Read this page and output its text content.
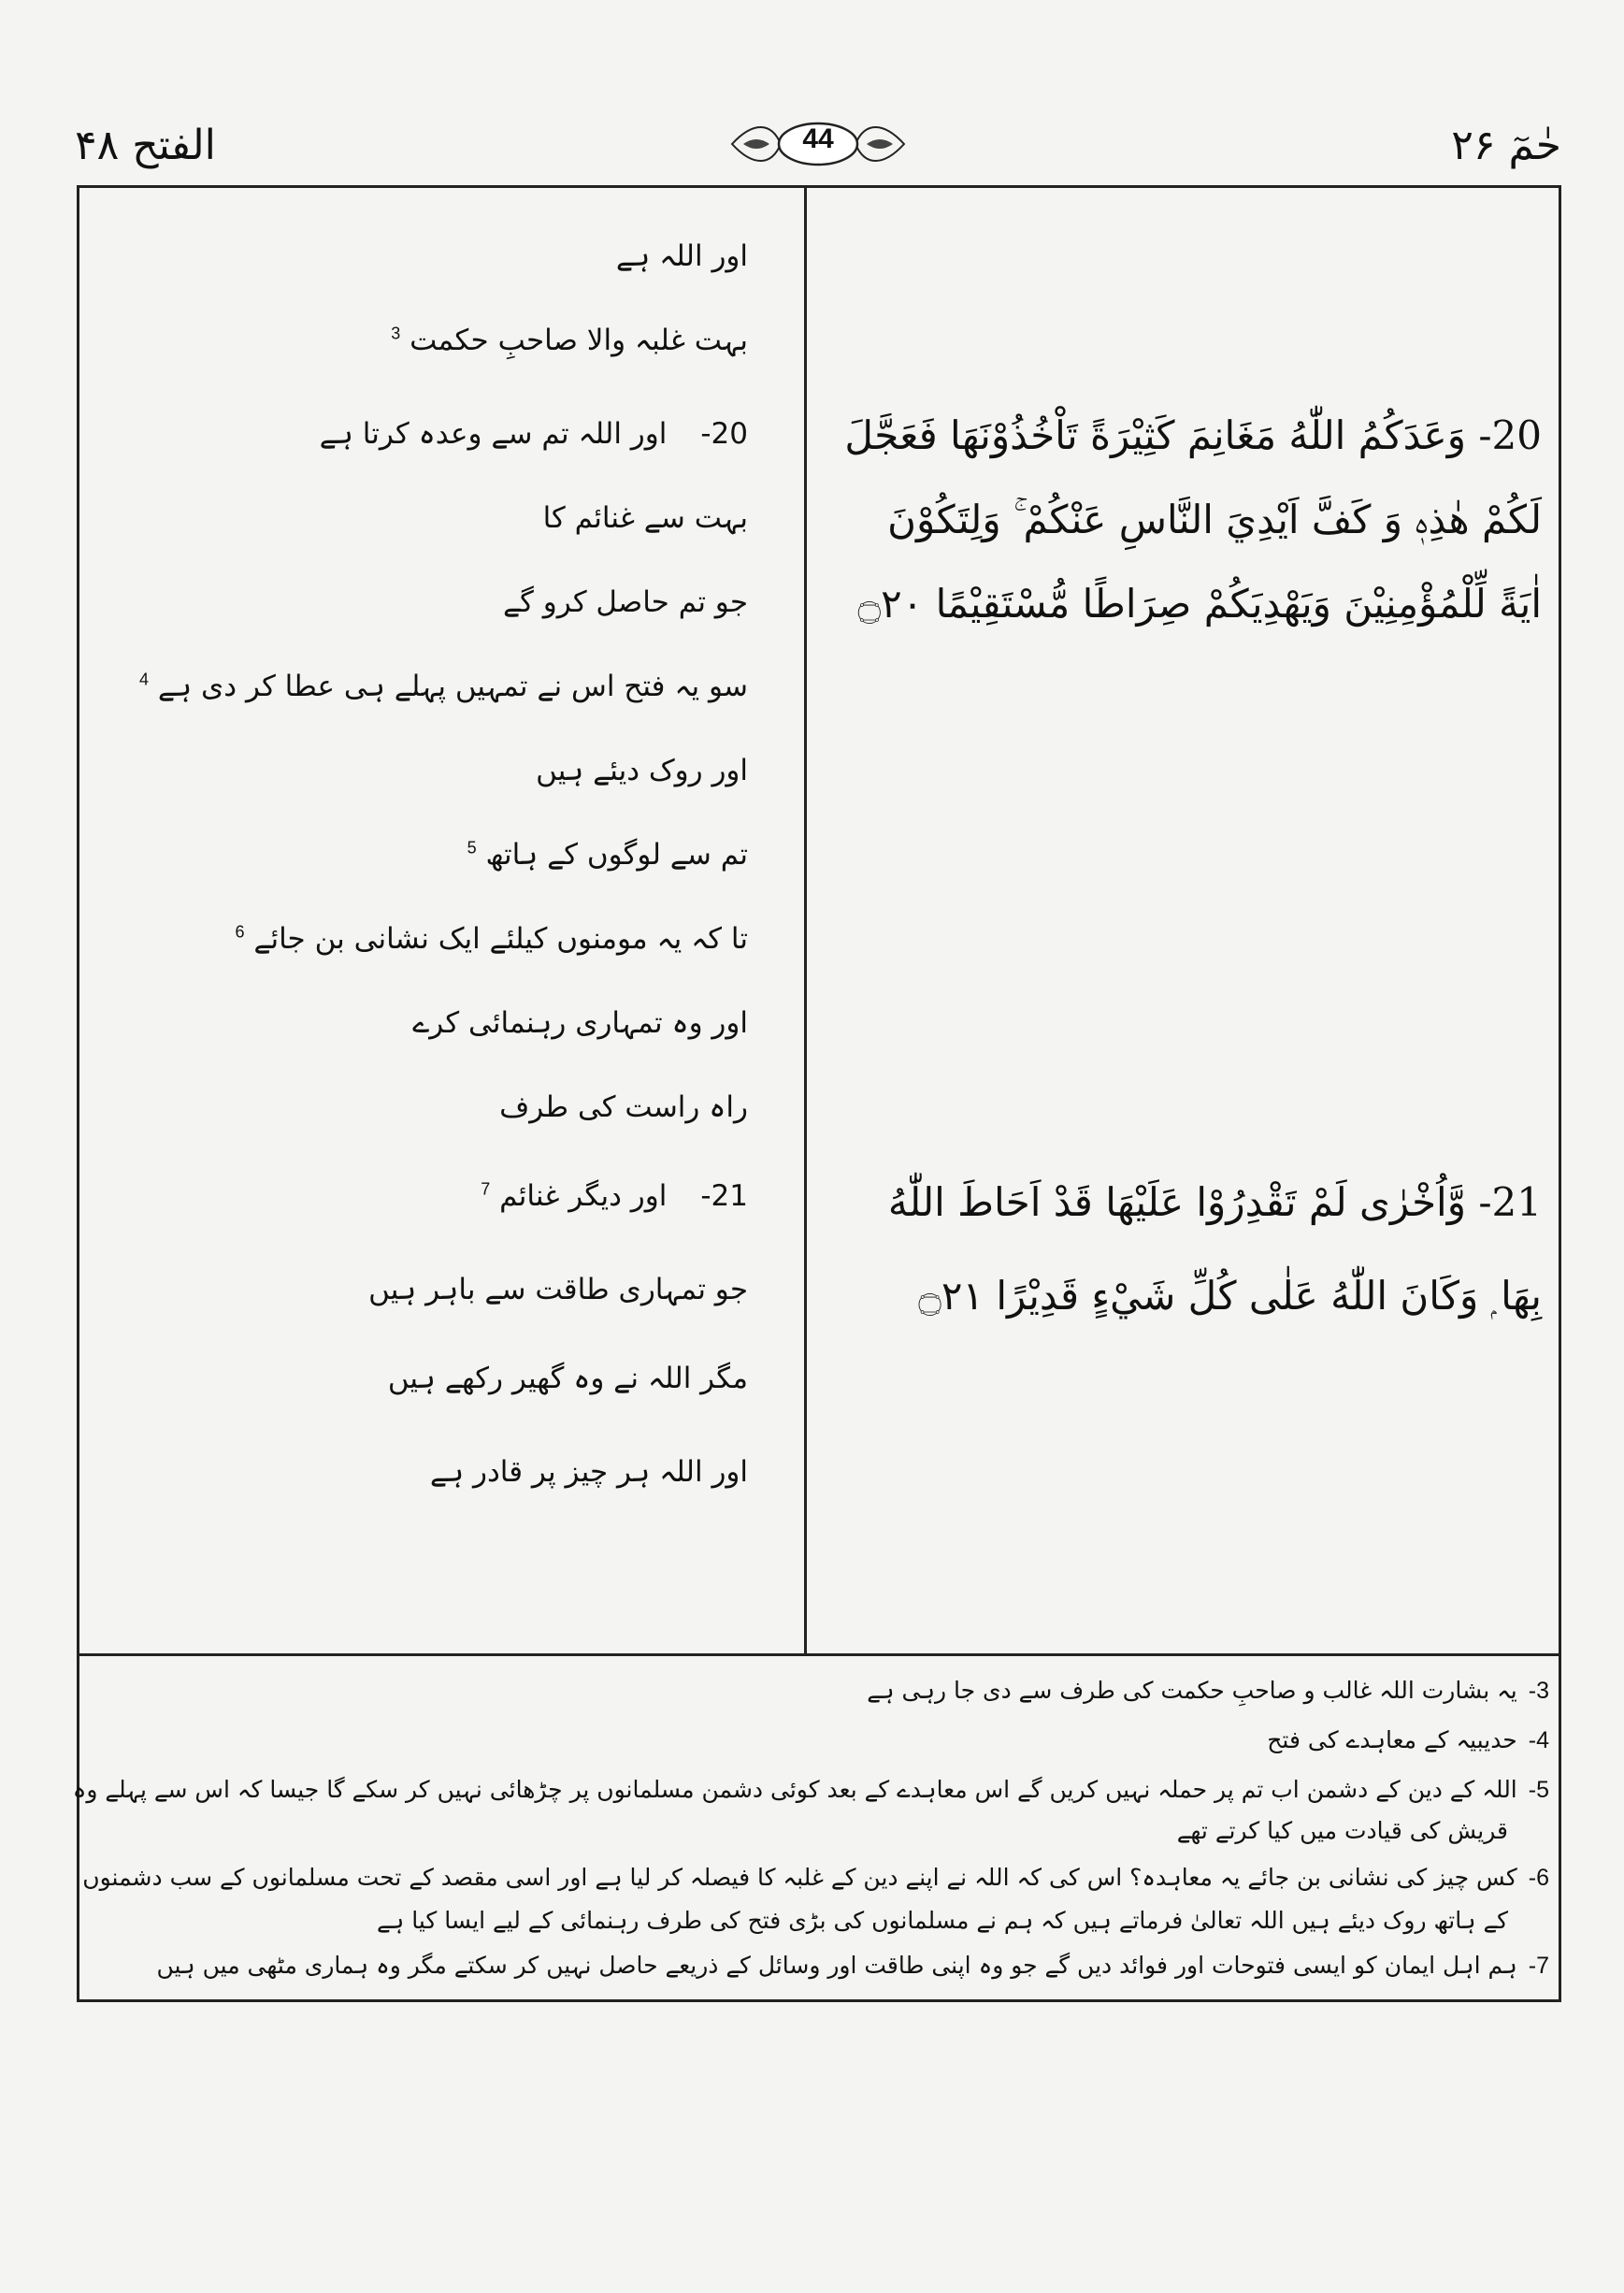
الفتح ۴۸	44	حٰمٓ ۲۶
اور اللہ ہے
بہت غلبہ والا صاحبِ حکمت $^3$
20-اور اللہ تم سے وعدہ کرتا ہے
بہت سے غنائم کا
جو تم حاصل کرو گے
سو یہ فتح اس نے تمہیں پہلے ہی عطا کر دی ہے $^4$
اور روک دیئے ہیں
تم سے لوگوں کے ہاتھ $^5$
تا کہ یہ مومنوں کیلئے ایک نشانی بن جائے $^6$
اور وہ تمہاری رہنمائی کرے
راہ راست کی طرف
21-اور دیگر غنائم $^7$
جو تمہاری طاقت سے باہر ہیں
مگر اللہ نے وہ گھیر رکھے ہیں
اور اللہ ہر چیز پر قادر ہے
20- وَعَدَكُمُ اللّٰهُ مَغَانِمَ كَثِيْرَةً تَاْخُذُوْنَهَا فَعَجَّلَ
لَكُمْ هٰذِهٖ وَ كَفَّ اَيْدِيَ النَّاسِ عَنْكُمْ ۚ وَلِتَكُوْنَ
اٰيَةً لِّلْمُؤْمِنِيْنَ وَيَهْدِيَكُمْ صِرَاطًا مُّسْتَقِيْمًا ۝٢٠
21- وَّاُخْرٰى لَمْ تَقْدِرُوْا عَلَيْهَا قَدْ اَحَاطَ اللّٰهُ
بِهَا ۭ وَكَانَ اللّٰهُ عَلٰى كُلِّ شَيْءٍ قَدِيْرًا ۝٢١
3-یہ بشارت اللہ غالب و صاحبِ حکمت کی طرف سے دی جا رہی ہے
4-حدیبیہ کے معاہدے کی فتح
5-اللہ کے دین کے دشمن اب تم پر حملہ نہیں کریں گے اس معاہدے کے بعد کوئی دشمن مسلمانوں پر چڑھائی نہیں کر سکے گا جیسا کہ اس سے پہلے وہ
قریش کی قیادت میں کیا کرتے تھے
6-کس چیز کی نشانی بن جائے یہ معاہدہ؟ اس کی کہ اللہ نے اپنے دین کے غلبہ کا فیصلہ کر لیا ہے اور اسی مقصد کے تحت مسلمانوں کے سب دشمنوں
کے ہاتھ روک دیئے ہیں اللہ تعالیٰ فرماتے ہیں کہ ہم نے مسلمانوں کی بڑی فتح کی طرف رہنمائی کے لیے ایسا کیا ہے
7-ہم اہل ایمان کو ایسی فتوحات اور فوائد دیں گے جو وہ اپنی طاقت اور وسائل کے ذریعے حاصل نہیں کر سکتے مگر وہ ہماری مٹھی میں ہیں
